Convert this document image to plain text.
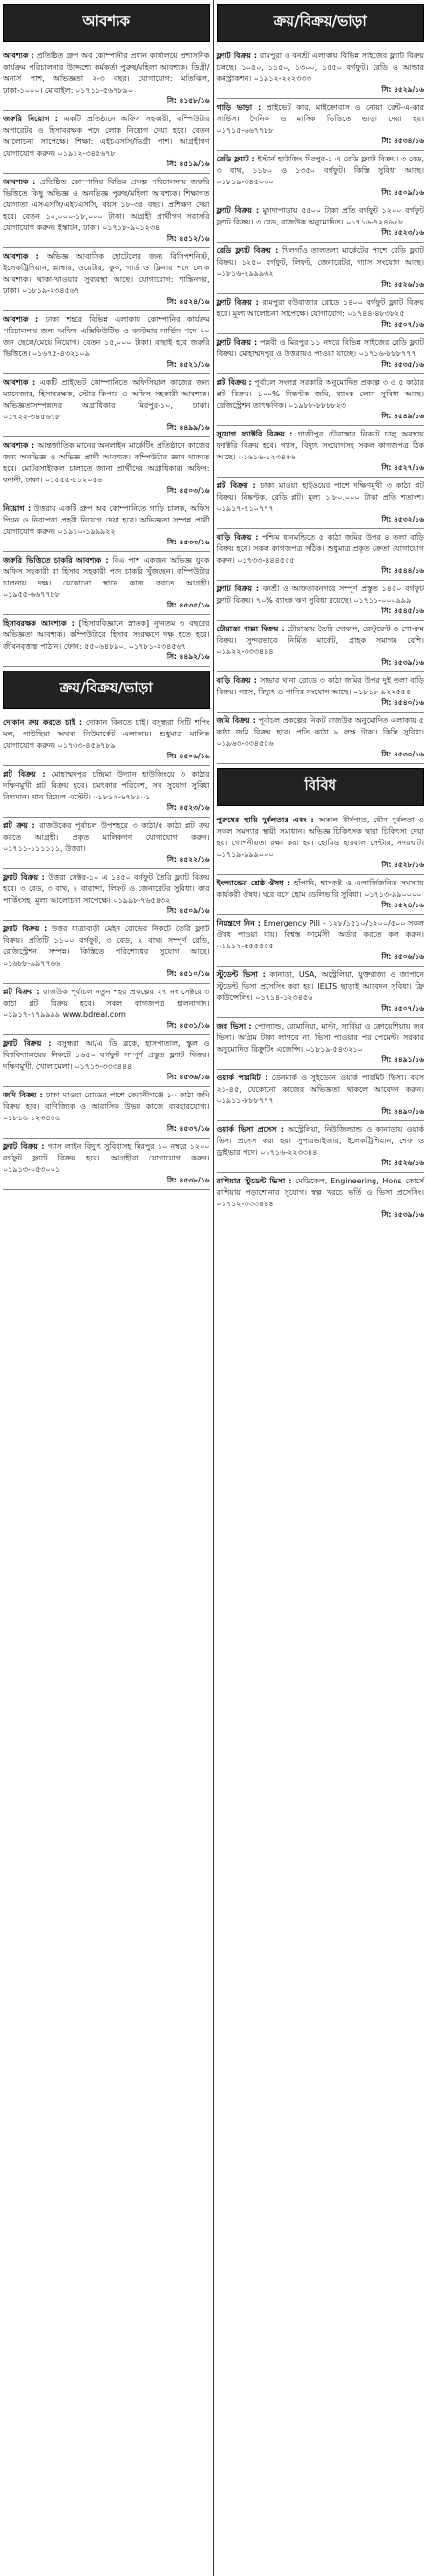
আবশ্যক
আবশ্যক : প্রতিষ্ঠিত গ্রুপ অব কোম্পানীর প্রধান কার্যালয়ে প্রশাসনিক কার্যক্রম পরিচালনার উদ্দেশ্যে কর্মকর্তা পুরুষ/মহিলা আবশ্যক। ডিগ্রী/অনার্স পাশ, অভিজ্ঞতা ২-৩ বছর। যোগাযোগ: মতিঝিল, ঢাকা-১০০০। মোবাইল: ০১৭১১-৫৬৭৮৯০
সি: ৪১৫৮/১৬
জরুরি নিয়োগ : একটি প্রতিষ্ঠানে অফিস সহকারী, কম্পিউটার অপারেটর ও হিসাবরক্ষক পদে লোক নিয়োগ দেয়া হবে। বেতন আলোচনা সাপেক্ষে। শিক্ষা: এইচএসসি/ডিগ্রী পাশ। আগ্রহীগণ যোগাযোগ করুন। ০১৯১২-৩৪৫৬৭৮
সি: ৪৫১৯/১৬
আবশ্যক : প্রতিষ্ঠিত কোম্পানির বিভিন্ন প্রকল্প পরিচালনায় জরুরি ভিত্তিতে কিছু অভিজ্ঞ ও অনভিজ্ঞ পুরুষ/মহিলা আবশ্যক। শিক্ষাগত যোগ্যতা এসএসসি/এইচএসসি, বয়স ১৮-৩৫ বছর। প্রশিক্ষণ দেয়া হবে। বেতন ১০,০০০-১৮,০০০ টাকা। আগ্রহী প্রার্থীগণ সরাসরি যোগাযোগ করুন। ইস্কাটন, ঢাকা। ০১৭১৮-৯০১২৩৪
সি: ৪৫১২/১৬
আবশ্যক : অভিজ্ঞ আবাসিক হোটেলের জন্য রিসিপশনিস্ট, ইলেকট্রিশিয়ান, প্লাম্বার, ওয়েটার, কুক, গার্ড ও ক্লিনার পদে লোক আবশ্যক। থাকা-খাওয়ার সুব্যবস্থা আছে। যোগাযোগ: শান্তিনগর, ঢাকা। ০১৮১৯-২৩৪৫৬৭
সি: ৪৫২৪/১৬
আবশ্যক : ঢাকা শহরে বিভিন্ন এলাকায় কোম্পানির কার্যক্রম পরিচালনার জন্য অফিস এক্সিকিউটিভ ও কাস্টমার সার্ভিস পদে ২০ জন ছেলে/মেয়ে নিয়োগ। বেতন ১৫,০০০ টাকা। বাছাই হবে জরুরি ভিত্তিতে। ০১৬৭৫-৪৩২১০৯
সি: ৪৫২১/১৬
আবশ্যক : একটি প্রাইভেট কোম্পানিতে অফিসিয়াল কাজের জন্য ম্যানেজার, হিসাবরক্ষক, স্টোর কিপার ও অফিস সহকারী আবশ্যক। অভিজ্ঞতাসম্পন্নদের অগ্রাধিকার। মিরপুর-১০, ঢাকা। ০১৭২২-৩৪৫৬৭৮
সি: ৪৪৯৯/১৬
আবশ্যক : আন্তর্জাতিক মানের অনলাইন মার্কেটিং প্রতিষ্ঠানে কাজের জন্য অনভিজ্ঞ ও অভিজ্ঞ প্রার্থী আবশ্যক। কম্পিউটার জ্ঞান থাকতে হবে। মোটরসাইকেল চালাতে জানা প্রার্থীদের অগ্রাধিকার। অফিস: বনানী, ঢাকা। ০১৫৫৫-৮১২০৫৬
সি: ৪৫০৩/১৬
নিয়োগ : উত্তরায় একটি গ্রুপ অব কোম্পানিতে গাড়ি চালক, অফিস পিয়ন ও নিরাপত্তা প্রহরী নিয়োগ দেয়া হবে। অভিজ্ঞতা সম্পন্ন প্রার্থী যোগাযোগ করুন। ০১৯১০-১৯৯৯২২
সি: ৪৫৩৩/১৬
জরুরি ভিত্তিতে চাকরি আবশ্যক : বিএ পাশ একজন অভিজ্ঞ যুবক অফিস সহকারী বা হিসাব সহকারী পদে চাকরি খুঁজছেন। কম্পিউটার চালনায় দক্ষ। যেকোনো স্থানে কাজ করতে আগ্রহী। ০১৯৫৫-৬৬৭৭৮৮
সি: ৪৫৩৫/১৬
হিসাবরক্ষক আবশ্যক : [হিসাববিজ্ঞানে স্নাতক] ন্যূনতম ৩ বছরের অভিজ্ঞতা আবশ্যক। কম্পিউটারে হিসাব সংরক্ষণে দক্ষ হতে হবে। জীবনবৃত্তান্ত পাঠান। ফোন: ৫৫০৬৪৮৯০, ০১৭৮১-২৩৪৫৬৭
সি: ৪৪৯২/১৬
ক্রয়/বিক্রয়/ভাড়া
দোকান ক্রয় করতে চাই : দোকান কিনতে চাই। বসুন্ধরা সিটি শপিং মল, গাউছিয়া অথবা নিউমার্কেট এলাকায়। শুধুমাত্র মালিক যোগাযোগ করুন। ০১৭৩৩-৪৫৬৭৮৯
সি: ৪৫০৬/১৬
প্লট বিক্রয় : মোহাম্মদপুর চন্দ্রিমা উদ্যান হাউজিংয়ে ৩ কাঠার দক্ষিণমুখী প্লট বিক্রয় হবে। চমৎকার পরিবেশ, সব সুযোগ সুবিধা বিদ্যমান। খান রিয়েল এস্টেট। ০১৮১২-৬৭৮৯০১
সি: ৪৫২৩/১৬
প্লট ক্রয় : রাজউকের পূর্বাচল উপশহরে ৩ কাঠা/৫ কাঠা প্লট ক্রয় করতে আগ্রহী। প্রকৃত মালিকগণ যোগাযোগ করুন। ০১৭১১-১১১১১১, উত্তরা।
সি: ৪৫২২/১৬
ফ্ল্যাট বিক্রয় : উত্তরা সেক্টর-১০ এ ১৪৫০ বর্গফুট তৈরি ফ্ল্যাট বিক্রয় হবে। ৩ বেড, ৩ বাথ, ২ বারান্দা, লিফট ও জেনারেটর সুবিধা। কার পার্কিংসহ। মূল্য আলোচনা সাপেক্ষে। ০১৯৯৮-৭৬৫৪৩২
সি: ৪৫০৯/১৬
ফ্ল্যাট বিক্রয় : উত্তর যাত্রাবাড়ী মেইন রোডের নিকটে তৈরি ফ্ল্যাট বিক্রয়। প্রতিটি ১১০০ বর্গফুট, ৩ বেড, ২ বাথ। সম্পূর্ণ রেডি, রেজিস্ট্রেশন সম্পন্ন। কিস্তিতে পরিশোধের সুযোগ আছে। ০১৬৮৮-৯৯৭৭৬৬
সি: ৪৫১০/১৬
প্লট বিক্রয় : রাজউক পূর্বাচল নতুন শহর প্রকল্পের ২৭ নং সেক্টরে ৩ কাঠা প্লট বিক্রয় হবে। সকল কাগজপত্র হালনাগাদ। ০১৯১৭-৭৭৯৯৯৯ www.bdreal.com
সি: ৪৫৩১/১৬
ফ্ল্যাট বিক্রয় : বসুন্ধরা আ/এ ডি ব্লকে, হাসপাতাল, স্কুল ও বিশ্ববিদ্যালয়ের নিকটে ১৬৫০ বর্গফুট সম্পূর্ণ প্রস্তুত ফ্ল্যাট বিক্রয়। দক্ষিণমুখী, খোলামেলা। ০১৭১৩-৩৩৩৪৪৪
সি: ৪৫৩৬/১৬
জমি বিক্রয় : ঢাকা মাওয়া রোডের পাশে কেরানীগঞ্জে ১০ কাঠা জমি বিক্রয় হবে। বাণিজ্যিক ও আবাসিক উভয় কাজে ব্যবহারযোগ্য। ০১৮১৬-১২৩৪৫৬
সি: ৪৫৩৭/১৬
ফ্ল্যাট বিক্রয় : গ্যাস লাইন বিদ্যুৎ সুবিধাসহ মিরপুর ১০ নম্বরে ১২০০ বর্গফুট ফ্ল্যাট বিক্রয় হবে। আগ্রহীরা যোগাযোগ করুন। ০১৯১৩-০৫৩০০১
সি: ৪৫৩৮/১৬
ক্রয়/বিক্রয়/ভাড়া
ফ্ল্যাট বিক্রয় : রামপুরা ও বনশ্রী এলাকায় বিভিন্ন সাইজের ফ্ল্যাট বিক্রয় চলছে। ১০৫০, ১১৫০, ১৩০০, ১৫৫০ বর্গফুট। রেডি ও আন্ডার কনস্ট্রাকশন। ০১৯১২-২২২৩৩৩
সি: ৪৫২৯/১৬
গাড়ি ভাড়া : প্রাইভেট কার, মাইক্রোবাস ও নোয়া রেন্ট-এ-কার সার্ভিস। দৈনিক ও মাসিক ভিত্তিতে ভাড়া দেয়া হয়। ০১৭১৫-৬৬৭৭৮৮
সি: ৪৫৩৪/১৬
রেডি ফ্ল্যাট : ইস্টার্ন হাউজিং মিরপুর-১ এ রেডি ফ্ল্যাট বিক্রয়। ৩ বেড, ৩ বাথ, ১১৮০ ও ১৩৫০ বর্গফুট। কিস্তি সুবিধা আছে। ০১৮১৯-৩৪৫০৩০
সি: ৪৫০৯/১৬
ফ্ল্যাট বিক্রয় : মুগদাপাড়ায় ৫৫০০ টাকা প্রতি বর্গফুট ১২০০ বর্গফুট ফ্ল্যাট বিক্রয়। ৩ বেড, রাজউক অনুমোদিত। ০১৭১৬-৭২৪৬২৮
সি: ৪৫২৩/১৬
রেডি ফ্ল্যাট বিক্রয় : খিলগাঁও তালতলা মার্কেটের পাশে রেডি ফ্ল্যাট বিক্রয়। ১২৫০ বর্গফুট, লিফট, জেনারেটর, গ্যাস সংযোগ আছে। ০১৮১৬-২৯৯৯৬২
সি: ৪৫২৬/১৬
ফ্ল্যাট বিক্রয় : রামপুরা বউবাজার রোডে ১৪০০ বর্গফুট ফ্ল্যাট বিক্রয় হবে। মূল্য আলোচনা সাপেক্ষে। যোগাযোগ: ০১৭৪৪-৪৮৩৮২৫
সি: ৪৫০৭/১৬
ফ্ল্যাট বিক্রয় : পল্লবী ও মিরপুর ১১ নম্বরে বিভিন্ন সাইজের রেডি ফ্ল্যাট বিক্রয়। মোহাম্মদপুর ও উত্তরায়ও পাওয়া যাচ্ছে। ০১৭১৬-৮৮৮৭৭৭
সি: ৪৫৩৫/১৬
প্লট বিক্রয় : পূর্বাচল সংলগ্ন সরকারি অনুমোদিত প্রকল্পে ৩ ও ৫ কাঠার প্লট বিক্রয়। ১০০% নিষ্কণ্টক জমি, ব্যাংক লোন সুবিধা আছে। রেজিস্ট্রেশন তাৎক্ষণিক। ০১৯৮৮-৮৮৮৮২৩
সি: ৪৫৪৯/১৬
সুযোগ ফ্যাক্টরি বিক্রয় : গাজীপুর চৌরাস্তার নিকটে চালু অবস্থায় ফ্যাক্টরি বিক্রয় হবে। গ্যাস, বিদ্যুৎ সংযোগসহ সকল কাগজপত্র ঠিক আছে। ০১৬১৬-১২৩৪৫৬
সি: ৪৫২৭/১৬
প্লট বিক্রয় : ঢাকা মাওয়া হাইওয়ের পাশে দক্ষিণমুখী ৩ কাঠা প্লট বিক্রয়। নিষ্কণ্টক, রেডি প্লট। মূল্য ১,৮০,০০০ টাকা প্রতি শতাংশ। ০১৯১৭-৭১০৭৭৭
সি: ৪৫৩২/১৬
বাড়ি বিক্রয় : পশ্চিম ধানমন্ডিতে ৫ কাঠা জমির উপর ৪ তলা বাড়ি বিক্রয় হবে। সকল কাগজপত্র সঠিক। শুধুমাত্র প্রকৃত ক্রেতা যোগাযোগ করুন। ০১৭৩৩-৪৪৪৫৫৫
সি: ৪৫৪৪/১৬
ফ্ল্যাট বিক্রয় : বনশ্রী ও আফতাবনগরে সম্পূর্ণ প্রস্তুত ১৪৫০ বর্গফুট ফ্ল্যাট বিক্রয়। ৭০% ব্যাংক ঋণ সুবিধা রয়েছে। ০১৭১১-০০০৯৯৯
সি: ৪৫৪৫/১৬
চৌরাস্তা পাল্লা বিক্রয় : চৌরাস্তায় তৈরি দোকান, রেস্টুরেন্ট ও শো-রুম বিক্রয়। সুন্দরভাবে নির্মিত মার্কেট, গ্রাহক সমাগম বেশি। ০১৯২২-৩৩৩৪৪৪
সি: ৪৫৩৯/১৬
বাড়ি বিক্রয় : সাভার থানা রোডে ৩ কাঠা জমির উপর দুই তলা বাড়ি বিক্রয়। গ্যাস, বিদ্যুৎ ও পানির সংযোগ আছে। ০১৮১৮-৯২২৫৫৫
সি: ৪৫৪০/১৬
জমি বিক্রয় : পূর্বাচল প্রকল্পের নিকট রাজউক অনুমোদিত এলাকায় ৫ কাঠা জমি বিক্রয় হবে। প্রতি কাঠা ৯ লক্ষ টাকা। কিস্তি সুবিধা। ০১৯৬৩-৩৩৪৫৫৬
সি: ৪৫৩০/১৬
বিবিধ
পুরুষের স্থায়ি দুর্বলতার এবং : অকাল বীর্যপাত, যৌন দুর্বলতা ও সকল সমস্যার স্থায়ী সমাধান। অভিজ্ঞ চিকিৎসক দ্বারা চিকিৎসা দেয়া হয়। গোপনীয়তা রক্ষা করা হয়। হোমিও হারবাল সেন্টার, সদরঘাট। ০১৭১৯-৯৯৯০০০
সি: ৪৫২৮/১৬
ইংল্যান্ডের শ্রেষ্ঠ ঔষধ : হাঁপানি, শ্বাসকষ্ট ও এলার্জিজনিত সমস্যায় কার্যকরী ঔষধ। ঘরে বসে হোম ডেলিভারি সুবিধা। ০১৭১৩-৯৯০০০০
সি: ৪৫২৪/১৬
নিয়ন্ত্রণে নিন : Emergency Pill - ১২৮/১৫১০/১২০০/৫০০ সকল ঔষধ পাওয়া যায়। বিশ্বস্ত ফার্মেসী। অর্ডার করতে কল করুন। ০১৯১২-৫৫৫৫৫৫
সি: ৪৫০৬/১৬
স্টুডেন্ট ভিসা : কানাডা, USA, অস্ট্রেলিয়া, যুক্তরাজ্য ও জাপানে স্টুডেন্ট ভিসা প্রসেসিং করা হয়। IELTS ছাড়াই আবেদন সুবিধা। ফ্রি কাউন্সেলিং। ০১৭১৪-১২৩৪৫৬
সি: ৪৫০৭/১৬
জব ভিসা : পোল্যান্ড, রোমানিয়া, মাল্টা, সার্বিয়া ও ক্রোয়েশিয়ায় জব ভিসা। অগ্রিম টাকা লাগবে না, ভিসা পাওয়ার পর পেমেন্ট। সরকার অনুমোদিত রিক্রুটিং এজেন্সি। ০১৮১৯-৫৪৩২১০
সি: ৪৪৯১/১৬
ওয়ার্ক পারমিট : ডেনমার্ক ও সুইডেনে ওয়ার্ক পারমিট ভিসা। বয়স ২১-৪৫, যেকোনো কাজের অভিজ্ঞতা থাকলে আবেদন করুন। ০১৯১১-৮৮৮৭৭৭
সি: ৪৪৯০/১৬
ওয়ার্ক ভিসা প্রসেস : অস্ট্রেলিয়া, নিউজিল্যান্ড ও কানাডায় ওয়ার্ক ভিসা প্রসেস করা হয়। সুপারভাইজার, ইলেকট্রিশিয়ান, শেফ ও ড্রাইভার পদে। ০১৭১৬-২২৩৩৪৪
সি: ৪৫২৬/১৬
রাশিয়ার স্টুডেন্ট ভিসা : মেডিকেল, Engineering, Hons কোর্সে রাশিয়ায় পড়াশোনার সুযোগ। স্বল্প খরচে ভর্তি ও ভিসা প্রসেসিং। ০১৭১২-৩৩৩৪৪৪
সি: ৪৫৩৯/১৬
